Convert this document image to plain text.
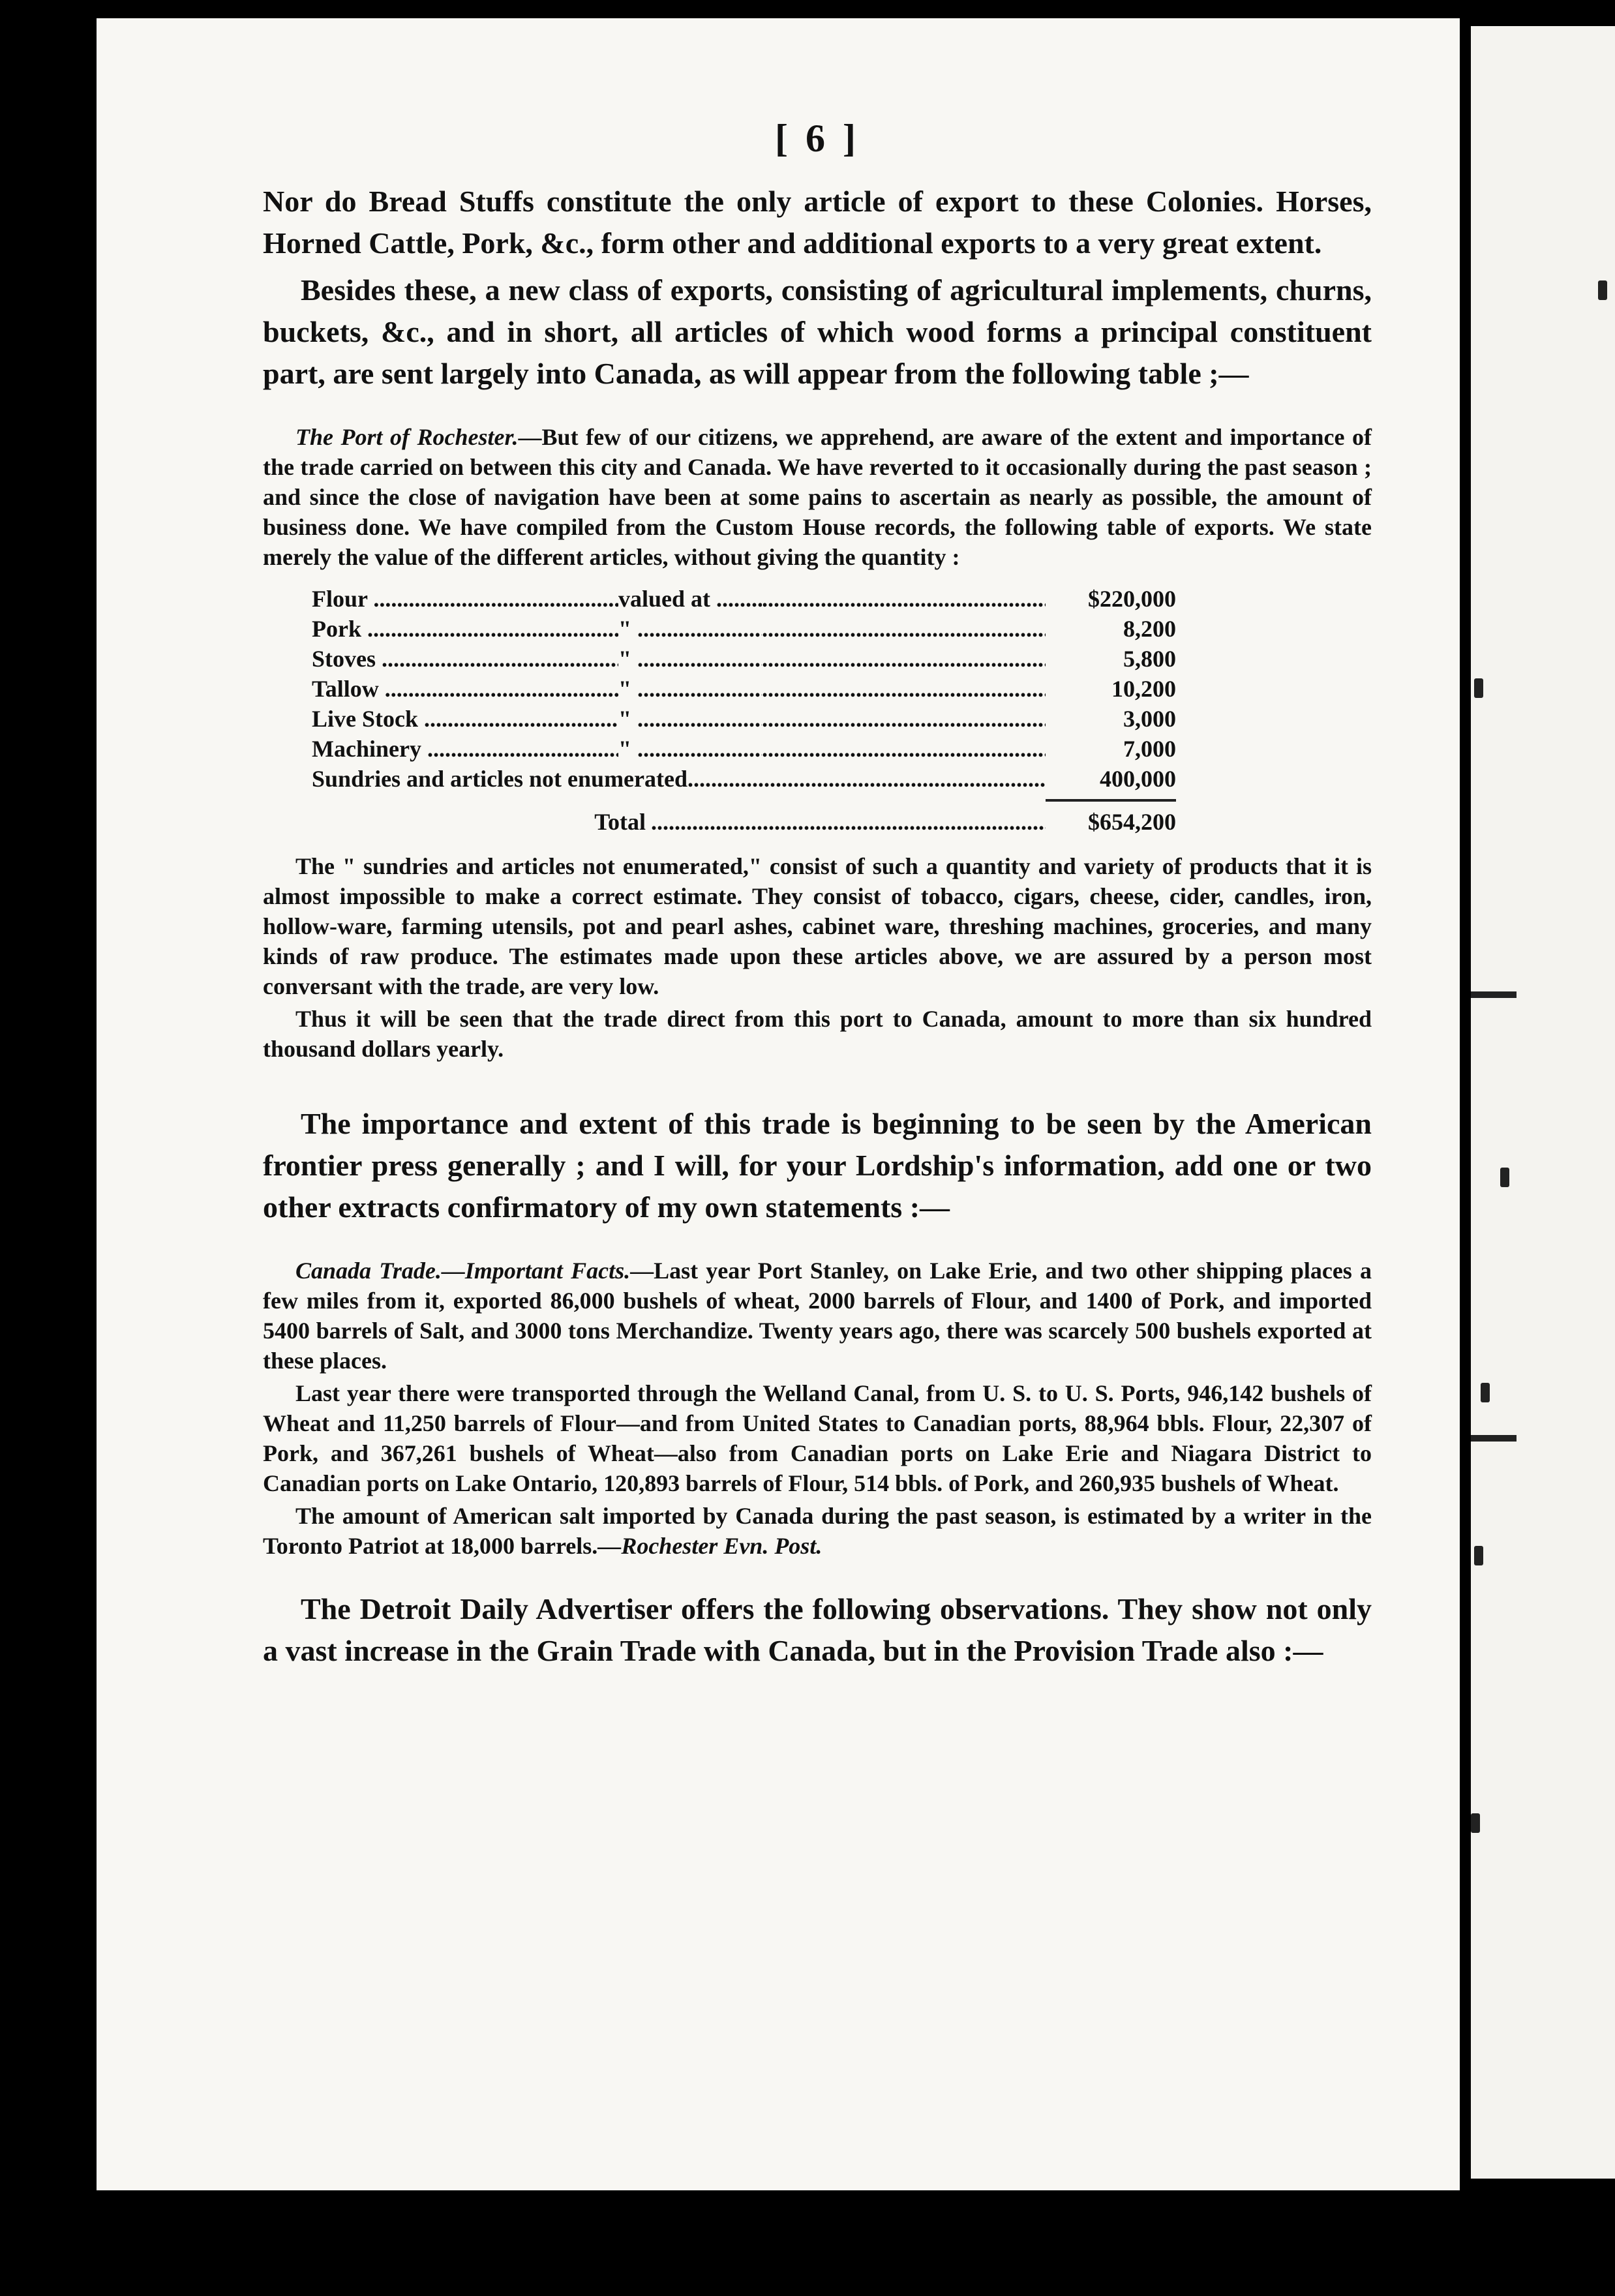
[ 6 ]

Nor do Bread Stuffs constitute the only article of export to these Colonies. Horses, Horned Cattle, Pork, &c., form other and additional exports to a very great extent.

Besides these, a new class of exports, consisting of agricultural implements, churns, buckets, &c., and in short, all articles of which wood forms a principal constituent part, are sent largely into Canada, as will appear from the following table ;—

The Port of Rochester.—But few of our citizens, we apprehend, are aware of the extent and importance of the trade carried on between this city and Canada. We have reverted to it occasionally during the past season ; and since the close of navigation have been at some pains to ascertain as nearly as possible, the amount of business done. We have compiled from the Custom House records, the following table of exports. We state merely the value of the different articles, without giving the quantity :

Flour .....	valued at ..... .....	$220,000
Pork .....	" ..... .....	8,200
Stoves .....	" ..... .....	5,800
Tallow .....	" ..... .....	10,200
Live Stock .....	" ..... .....	3,000
Machinery .....	" ..... .....	7,000
Sundries and articles not enumerated .....	400,000
Total .....	$654,200

The " sundries and articles not enumerated," consist of such a quantity and variety of products that it is almost impossible to make a correct estimate. They consist of tobacco, cigars, cheese, cider, candles, iron, hollow-ware, farming utensils, pot and pearl ashes, cabinet ware, threshing machines, groceries, and many kinds of raw produce. The estimates made upon these articles above, we are assured by a person most conversant with the trade, are very low.

Thus it will be seen that the trade direct from this port to Canada, amount to more than six hundred thousand dollars yearly.

The importance and extent of this trade is beginning to be seen by the American frontier press generally ; and I will, for your Lordship's information, add one or two other extracts confirmatory of my own statements :—

Canada Trade.—Important Facts.—Last year Port Stanley, on Lake Erie, and two other shipping places a few miles from it, exported 86,000 bushels of wheat, 2000 barrels of Flour, and 1400 of Pork, and imported 5400 barrels of Salt, and 3000 tons Merchandize. Twenty years ago, there was scarcely 500 bushels exported at these places.

Last year there were transported through the Welland Canal, from U. S. to U. S. Ports, 946,142 bushels of Wheat and 11,250 barrels of Flour—and from United States to Canadian ports, 88,964 bbls. Flour, 22,307 of Pork, and 367,261 bushels of Wheat—also from Canadian ports on Lake Erie and Niagara District to Canadian ports on Lake Ontario, 120,893 barrels of Flour, 514 bbls. of Pork, and 260,935 bushels of Wheat.

The amount of American salt imported by Canada during the past season, is estimated by a writer in the Toronto Patriot at 18,000 barrels.—Rochester Evn. Post.

The Detroit Daily Advertiser offers the following observations. They show not only a vast increase in the Grain Trade with Canada, but in the Provision Trade also :—
